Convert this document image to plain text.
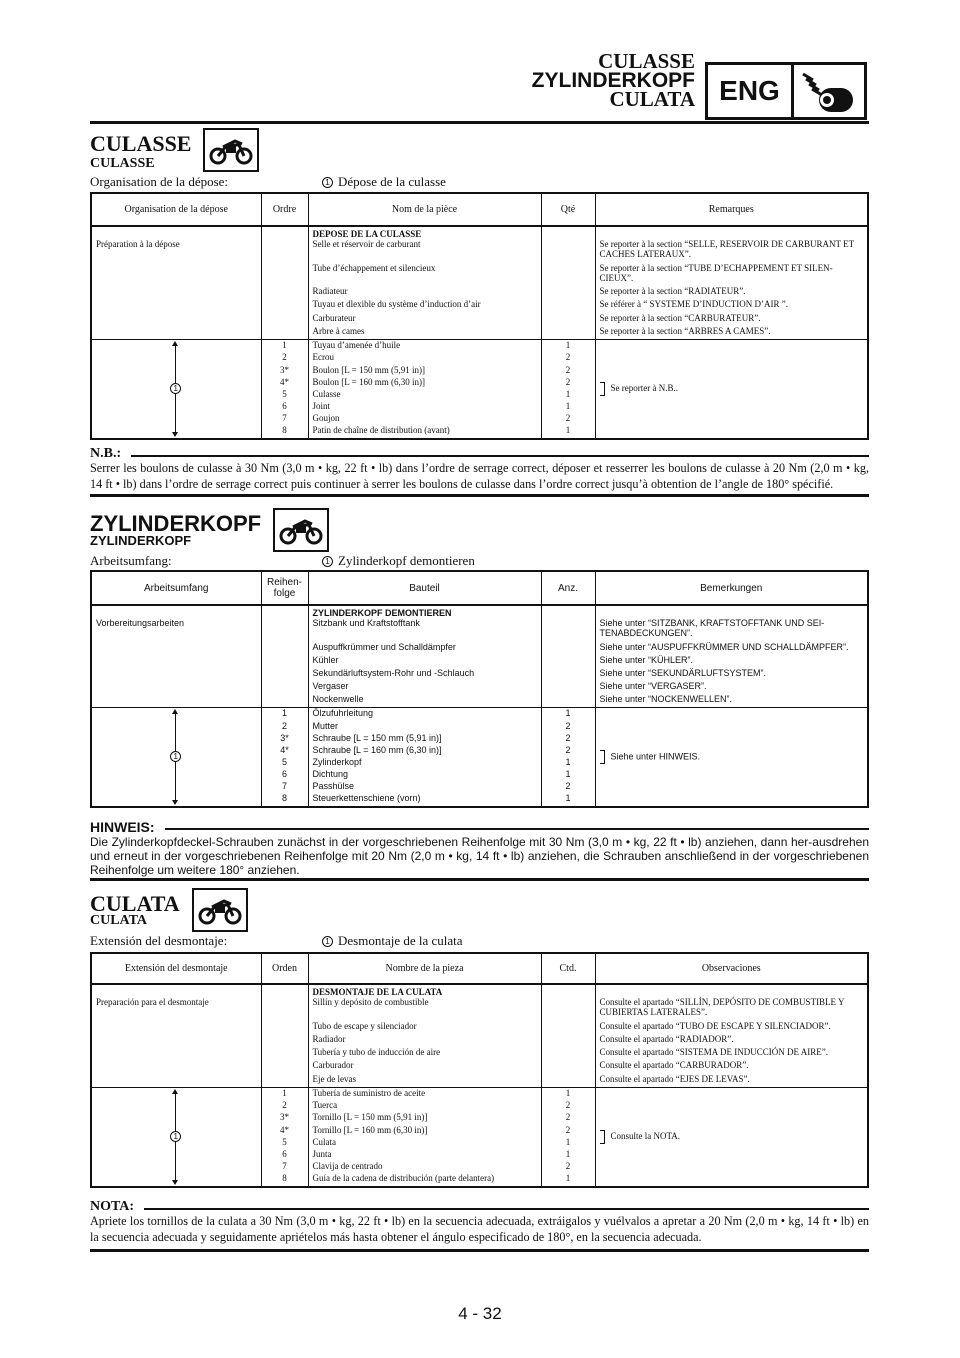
CULASSE
ZYLINDERKOPF
CULATA ENG
CULASSE
CULASSE
Organisation de la dépose:	1 Dépose de la culasse
Organisation de la dépose	Ordre	Nom de la pièce	Qté	Remarques
		DEPOSE DE LA CULASSE		
Préparation à la dépose		Selle et réservoir de carburant		Se reporter à la section “SELLE, RESERVOIR DE CARBURANT ET CACHES LATERAUX”.
		Tube d’échappement et silencieux		Se reporter à la section “TUBE D’ECHAPPEMENT ET SILEN-CIEUX”.
		Radiateur		Se reporter à la section “RADIATEUR”.
		Tuyau et dlexible du système d’induction d’air		Se référer à “ SYSTEME D’INDUCTION D’AIR ”.
		Carburateur		Se reporter à la section “CARBURATEUR”.
		Arbre à cames		Se reporter à la section “ARBRES A CAMES”.

1	1	Tuyau d’amenée d’huile	1	Se reporter à N.B..
	2	Ecrou	2	
	3*	Boulon [L = 150 mm (5,91 in)]	2	
	4*	Boulon [L = 160 mm (6,30 in)]	2	
	5	Culasse	1	
	6	Joint	1	
	7	Goujon	2	
	8	Patin de chaîne de distribution (avant)	1	
N.B.:
Serrer les boulons de culasse à 30 Nm (3,0 m • kg, 22 ft • lb) dans l’ordre de serrage correct, déposer et resserrer les boulons de culasse à 20 Nm (2,0 m • kg, 14 ft • lb) dans l’ordre de serrage correct puis continuer à serrer les boulons de culasse dans l’ordre correct jusqu’à obtention de l’angle de 180° spécifié.
ZYLINDERKOPF
ZYLINDERKOPF
Arbeitsumfang:	1 Zylinderkopf demontieren
Arbeitsumfang	Reihen-folge	Bauteil	Anz.	Bemerkungen
		ZYLINDERKOPF DEMONTIEREN		
Vorbereitungsarbeiten		Sitzbank und Kraftstofftank		Siehe unter “SITZBANK, KRAFTSTOFFTANK UND SEI-TENABDECKUNGEN”.
		Auspuffkrümmer und Schalldämpfer		Siehe unter “AUSPUFFKRÜMMER UND SCHALLDÄMPFER”.
		Kühler		Siehe unter “KÜHLER”.
		Sekundärluftsystem-Rohr und -Schlauch		Siehe unter “SEKUNDÄRLUFTSYSTEM”.
		Vergaser		Siehe unter “VERGASER”.
		Nockenwelle		Siehe unter “NOCKENWELLEN”.

1	1	Ölzufuhrleitung	1	Siehe unter HINWEIS.
	2	Mutter	2	
	3*	Schraube [L = 150 mm (5,91 in)]	2	
	4*	Schraube [L = 160 mm (6,30 in)]	2	
	5	Zylinderkopf	1	
	6	Dichtung	1	
	7	Passhülse	2	
	8	Steuerkettenschiene (vorn)	1	
HINWEIS:
Die Zylinderkopfdeckel-Schrauben zunächst in der vorgeschriebenen Reihenfolge mit 30 Nm (3,0 m • kg, 22 ft • lb) anziehen, dann her-ausdrehen und erneut in der vorgeschriebenen Reihenfolge mit 20 Nm (2,0 m • kg, 14 ft • lb) anziehen, die Schrauben anschließend in der vorgeschriebenen Reihenfolge um weitere 180° anziehen.
CULATA
CULATA
Extensión del desmontaje:	1 Desmontaje de la culata
Extensión del desmontaje	Orden	Nombre de la pieza	Ctd.	Observaciones
		DESMONTAJE DE LA CULATA		
Preparación para el desmontaje		Sillín y depósito de combustible		Consulte el apartado “SILLÍN, DEPÓSITO DE COMBUSTIBLE Y CUBIERTAS LATERALES”.
		Tubo de escape y silenciador		Consulte el apartado “TUBO DE ESCAPE Y SILENCIADOR”.
		Radiador		Consulte el apartado “RADIADOR”.
		Tubería y tubo de inducción de aire		Consulte el apartado “SISTEMA DE INDUCCIÓN DE AIRE”.
		Carburador		Consulte el apartado “CARBURADOR”.
		Eje de levas		Consulte el apartado “EJES DE LEVAS”.

1	1	Tubería de suministro de aceite	1	Consulte la NOTA.
	2	Tuerca	2	
	3*	Tornillo [L = 150 mm (5,91 in)]	2	
	4*	Tornillo [L = 160 mm (6,30 in)]	2	
	5	Culata	1	
	6	Junta	1	
	7	Clavija de centrado	2	
	8	Guía de la cadena de distribución (parte delantera)	1	
NOTA:
Apriete los tornillos de la culata a 30 Nm (3,0 m • kg, 22 ft • lb) en la secuencia adecuada, extráigalos y vuélvalos a apretar a 20 Nm (2,0 m • kg, 14 ft • lb) en la secuencia adecuada y seguidamente apriételos más hasta obtener el ángulo especificado de 180°, en la secuencia adecuada.
4 - 32
